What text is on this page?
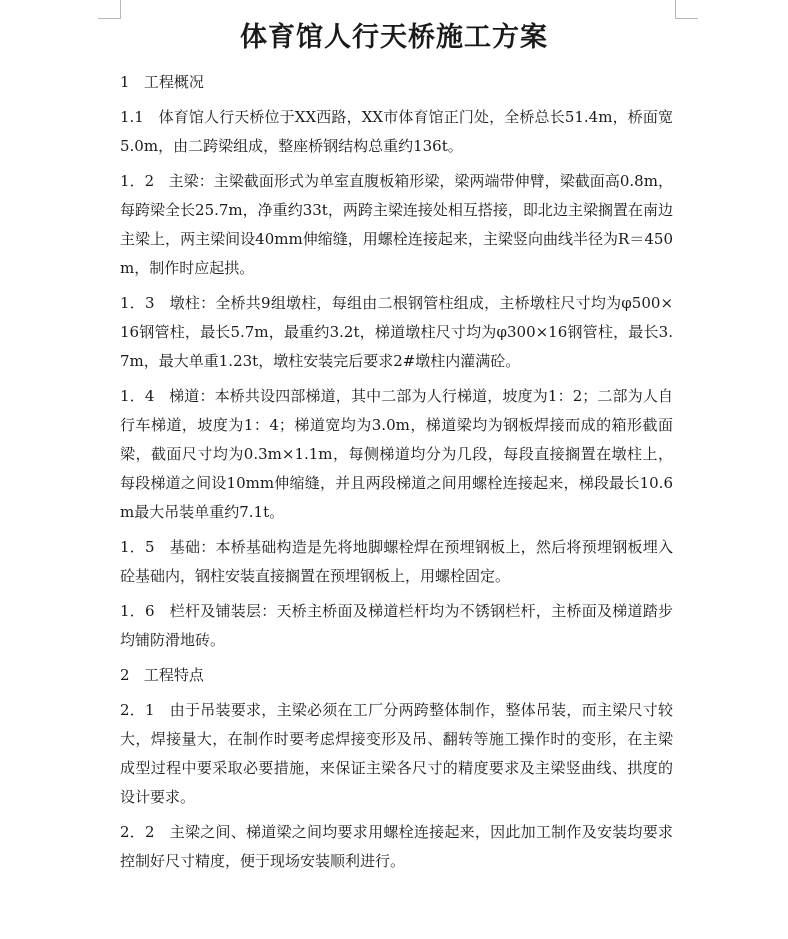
体育馆人行天桥施工方案

1 工程概况

1.1 体育馆人行天桥位于XX西路，XX市体育馆正门处，全桥总长51.4m，桥面宽5.0m，由二跨梁组成，整座桥钢结构总重约136t。

1．2 主梁：主梁截面形式为单室直腹板箱形梁，梁两端带伸臂，梁截面高0.8m，每跨梁全长25.7m，净重约33t，两跨主梁连接处相互搭接，即北边主梁搁置在南边主梁上，两主梁间设40mm伸缩缝，用螺栓连接起来，主梁竖向曲线半径为R＝450m，制作时应起拱。

1．3 墩柱：全桥共9组墩柱，每组由二根钢管柱组成，主桥墩柱尺寸均为φ500×16钢管柱，最长5.7m，最重约3.2t，梯道墩柱尺寸均为φ300×16钢管柱，最长3.7m，最大单重1.23t，墩柱安装完后要求2#墩柱内灌满砼。

1．4 梯道：本桥共设四部梯道，其中二部为人行梯道，坡度为1：2；二部为人自行车梯道，坡度为1：4；梯道宽均为3.0m，梯道梁均为钢板焊接而成的箱形截面梁，截面尺寸均为0.3m×1.1m，每侧梯道均分为几段，每段直接搁置在墩柱上，每段梯道之间设10mm伸缩缝，并且两段梯道之间用螺栓连接起来，梯段最长10.6m最大吊装单重约7.1t。

1．5 基础：本桥基础构造是先将地脚螺栓焊在预埋钢板上，然后将预埋钢板埋入砼基础内，钢柱安装直接搁置在预埋钢板上，用螺栓固定。

1．6 栏杆及铺装层：天桥主桥面及梯道栏杆均为不锈钢栏杆，主桥面及梯道踏步均铺防滑地砖。

2 工程特点

2．1 由于吊装要求，主梁必须在工厂分两跨整体制作，整体吊装，而主梁尺寸较大，焊接量大，在制作时要考虑焊接变形及吊、翻转等施工操作时的变形，在主梁成型过程中要采取必要措施，来保证主梁各尺寸的精度要求及主梁竖曲线、拱度的设计要求。

2．2 主梁之间、梯道梁之间均要求用螺栓连接起来，因此加工制作及安装均要求控制好尺寸精度，便于现场安装顺利进行。
